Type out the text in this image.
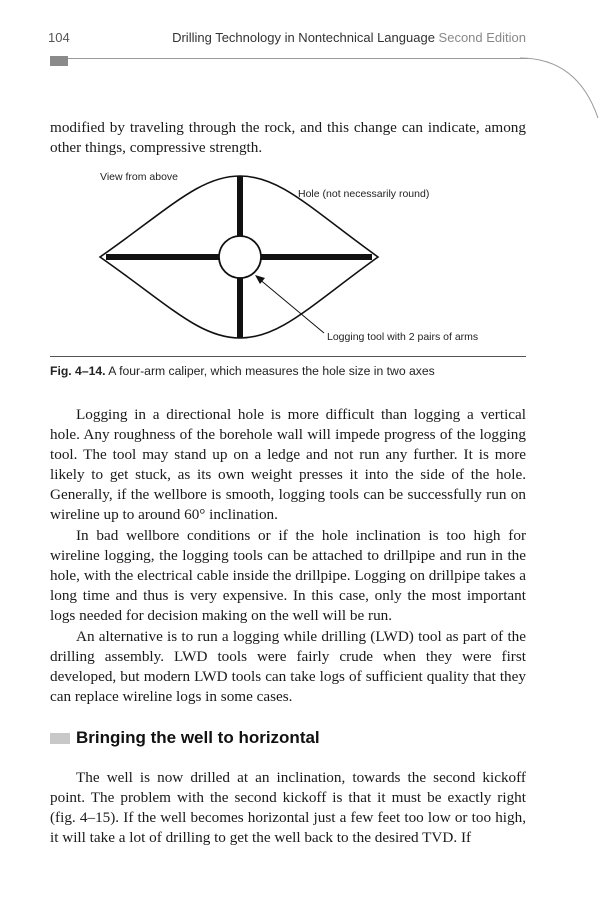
104	Drilling Technology in Nontechnical Language Second Edition

modified by traveling through the rock, and this change can indicate, among other things, compressive strength.

View from above
Hole (not necessarily round)
Logging tool with 2 pairs of arms
Fig. 4–14. A four-arm caliper, which measures the hole size in two axes

Logging in a directional hole is more difficult than logging a vertical hole. Any roughness of the borehole wall will impede progress of the logging tool. The tool may stand up on a ledge and not run any further. It is more likely to get stuck, as its own weight presses it into the side of the hole. Generally, if the wellbore is smooth, logging tools can be successfully run on wireline up to around 60° inclination.

In bad wellbore conditions or if the hole inclination is too high for wireline logging, the logging tools can be attached to drillpipe and run in the hole, with the electrical cable inside the drillpipe. Logging on drillpipe takes a long time and thus is very expensive. In this case, only the most important logs needed for decision making on the well will be run.

An alternative is to run a logging while drilling (LWD) tool as part of the drilling assembly. LWD tools were fairly crude when they were first developed, but modern LWD tools can take logs of sufficient quality that they can replace wireline logs in some cases.

Bringing the well to horizontal

The well is now drilled at an inclination, towards the second kickoff point. The problem with the second kickoff is that it must be exactly right (fig. 4–15). If the well becomes horizontal just a few feet too low or too high, it will take a lot of drilling to get the well back to the desired TVD. If
